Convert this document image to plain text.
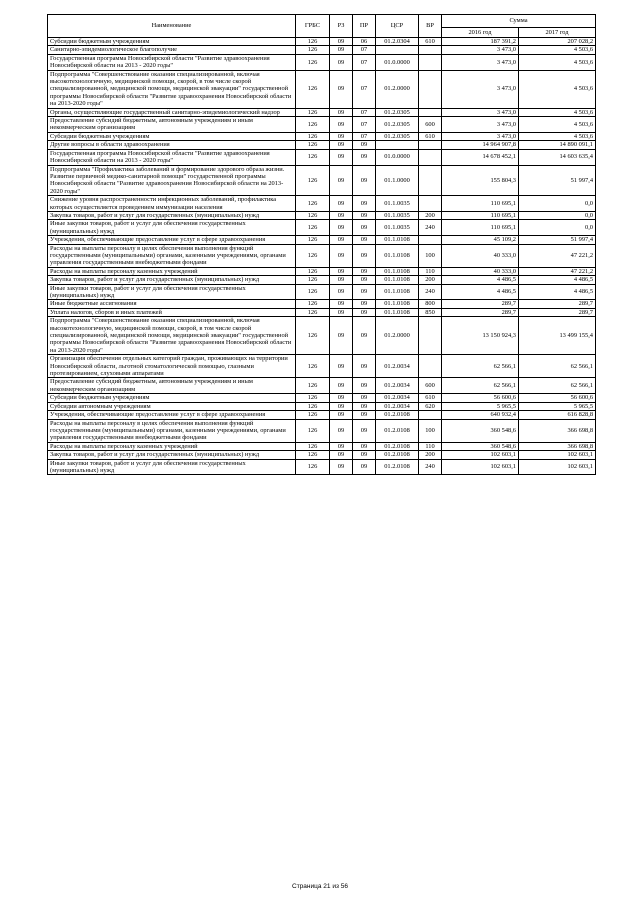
Наименование	ГРБС	РЗ	ПР	ЦСР	ВР	Сумма	
						2016 год	2017 год
Субсидии бюджетным учреждениям	126	09	06	01.2.0304	610	187 391,2	207 028,2
Санитарно-эпидемиологическое благополучие	126	09	07			3 473,0	4 503,6
Государственная программа Новосибирской области "Развитие здравоохранения Новосибирской области на 2013 - 2020 годы"	126	09	07	01.0.0000		3 473,0	4 503,6
Подпрограмма "Совершенствование оказания специализированной, включая высокотехнологичную, медицинской помощи, скорой, в том числе скорой специализированной, медицинской помощи, медицинской эвакуации" государственной программы Новосибирской области "Развитие здравоохранения Новосибирской области на 2013-2020 годы"	126	09	07	01.2.0000		3 473,0	4 503,6
Органы, осуществляющие государственный санитарно-эпидемиологический надзор	126	09	07	01.2.0305		3 473,0	4 503,6
Предоставление субсидий бюджетным, автономным учреждениям и иным некоммерческим организациям	126	09	07	01.2.0305	600	3 473,0	4 503,6
Субсидии бюджетным учреждениям	126	09	07	01.2.0305	610	3 473,0	4 503,6
Другие вопросы в области здравоохранения	126	09	09			14 964 907,8	14 890 091,1
Государственная программа Новосибирской области "Развитие здравоохранения Новосибирской области на 2013 - 2020 годы"	126	09	09	01.0.0000		14 678 452,1	14 603 635,4
Подпрограмма "Профилактика заболеваний и формирование здорового образа жизни. Развитие первичной медико-санитарной помощи" государственной программы Новосибирской области "Развитие здравоохранения Новосибирской области на 2013-2020 годы"	126	09	09	01.1.0000		155 804,3	51 997,4
Снижение уровня распространенности инфекционных заболеваний, профилактика которых осуществляется проведением иммунизации населения	126	09	09	01.1.0035		110 695,1	0,0
Закупка товаров, работ и услуг для государственных (муниципальных) нужд	126	09	09	01.1.0035	200	110 695,1	0,0
Иные закупки товаров, работ и услуг для обеспечения государственных (муниципальных) нужд	126	09	09	01.1.0035	240	110 695,1	0,0
Учреждения, обеспечивающие предоставление услуг в сфере здравоохранения	126	09	09	01.1.0108		45 109,2	51 997,4
Расходы на выплаты персоналу в целях обеспечения выполнения функций государственными (муниципальными) органами, казенными учреждениями, органами управления государственными внебюджетными фондами	126	09	09	01.1.0108	100	40 333,0	47 221,2
Расходы на выплаты персоналу казенных учреждений	126	09	09	01.1.0108	110	40 333,0	47 221,2
Закупка товаров, работ и услуг для государственных (муниципальных) нужд	126	09	09	01.1.0108	200	4 486,5	4 486,5
Иные закупки товаров, работ и услуг для обеспечения государственных (муниципальных) нужд	126	09	09	01.1.0108	240	4 486,5	4 486,5
Иные бюджетные ассигнования	126	09	09	01.1.0108	800	289,7	289,7
Уплата налогов, сборов и иных платежей	126	09	09	01.1.0108	850	289,7	289,7
Подпрограмма "Совершенствование оказания специализированной, включая высокотехнологичную, медицинской помощи, скорой, в том числе скорой специализированной, медицинской помощи, медицинской эвакуации" государственной программы Новосибирской области "Развитие здравоохранения Новосибирской области на 2013-2020 годы"	126	09	09	01.2.0000		13 150 924,3	13 499 155,4
Организация обеспечения отдельных категорий граждан, проживающих на территории Новосибирской области, льготной стоматологической помощью, глазными протезированием, слуховыми аппаратами	126	09	09	01.2.0034		62 566,1	62 566,1
Предоставление субсидий бюджетным, автономным учреждениям и иным некоммерческим организациям	126	09	09	01.2.0034	600	62 566,1	62 566,1
Субсидии бюджетным учреждениям	126	09	09	01.2.0034	610	56 600,6	56 600,6
Субсидии автономным учреждениям	126	09	09	01.2.0034	620	5 965,5	5 965,5
Учреждения, обеспечивающие предоставление услуг в сфере здравоохранения	126	09	09	01.2.0108		640 932,4	616 828,8
Расходы на выплаты персоналу в целях обеспечения выполнения функций государственными (муниципальными) органами, казенными учреждениями, органами управления государственными внебюджетными фондами	126	09	09	01.2.0108	100	360 548,6	366 698,8
Расходы на выплаты персоналу казенных учреждений	126	09	09	01.2.0108	110	360 548,6	366 698,8
Закупка товаров, работ и услуг для государственных (муниципальных) нужд	126	09	09	01.2.0108	200	102 603,1	102 603,1
Иные закупки товаров, работ и услуг для обеспечения государственных (муниципальных) нужд	126	09	09	01.2.0108	240	102 603,1	102 603,1
Страница 21 из 56
